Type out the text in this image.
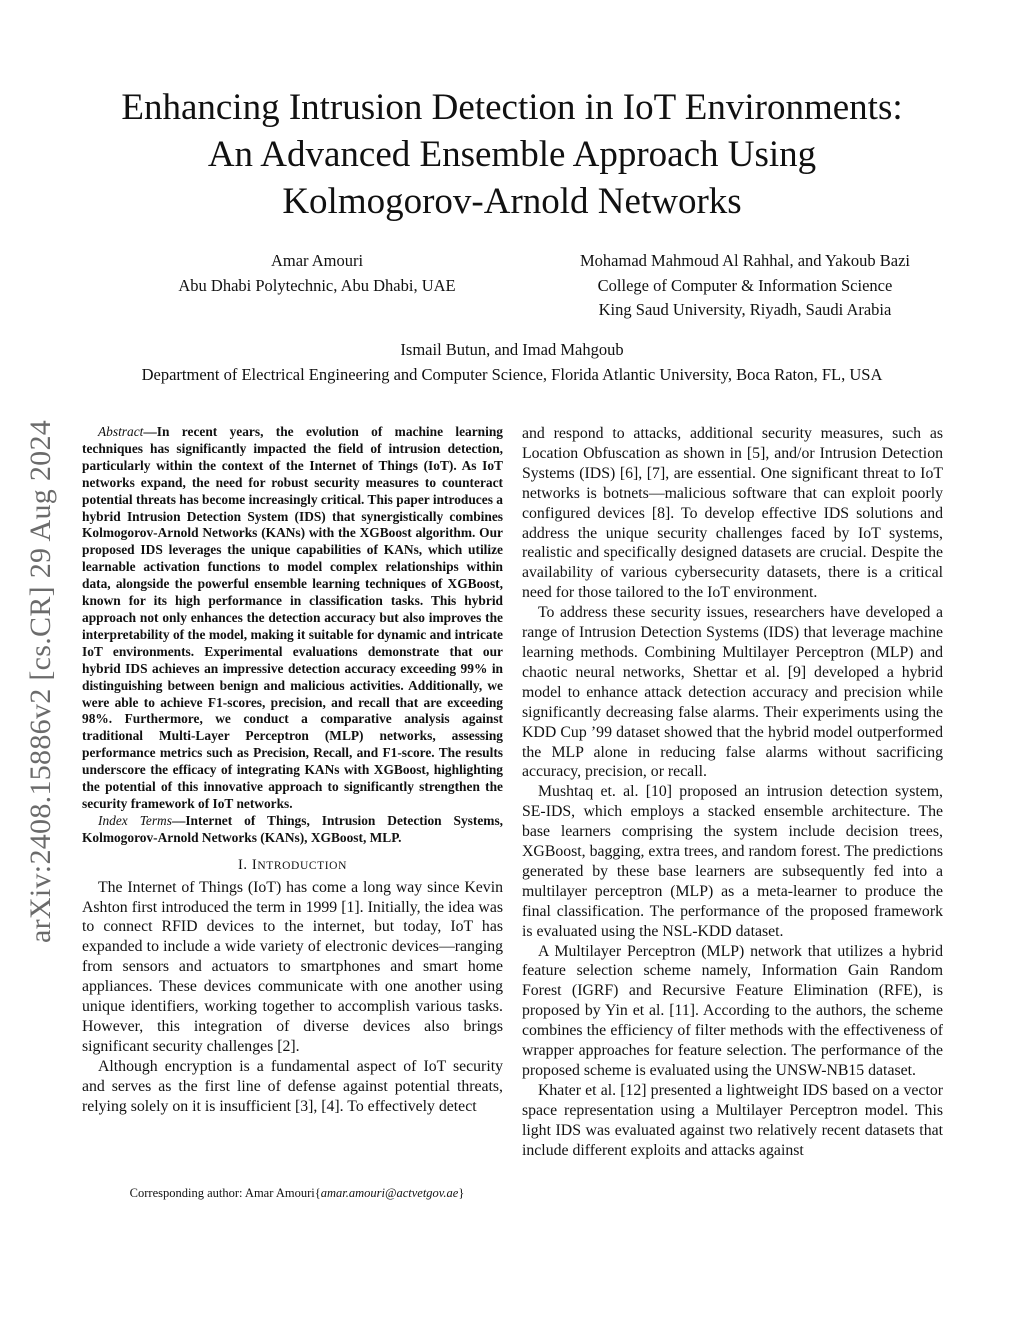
arXiv:2408.15886v2 [cs.CR] 29 Aug 2024
Enhancing Intrusion Detection in IoT Environments:
An Advanced Ensemble Approach Using
Kolmogorov-Arnold Networks
Amar Amouri
Abu Dhabi Polytechnic, Abu Dhabi, UAE
Mohamad Mahmoud Al Rahhal, and Yakoub Bazi
College of Computer & Information Science
King Saud University, Riyadh, Saudi Arabia
Ismail Butun, and Imad Mahgoub
Department of Electrical Engineering and Computer Science, Florida Atlantic University, Boca Raton, FL, USA

Abstract—In recent years, the evolution of machine learning techniques has significantly impacted the field of intrusion detection, particularly within the context of the Internet of Things (IoT). As IoT networks expand, the need for robust security measures to counteract potential threats has become increasingly critical. This paper introduces a hybrid Intrusion Detection System (IDS) that synergistically combines Kolmogorov-Arnold Networks (KANs) with the XGBoost algorithm. Our proposed IDS leverages the unique capabilities of KANs, which utilize learnable activation functions to model complex relationships within data, alongside the powerful ensemble learning techniques of XGBoost, known for its high performance in classification tasks. This hybrid approach not only enhances the detection accuracy but also improves the interpretability of the model, making it suitable for dynamic and intricate IoT environments. Experimental evaluations demonstrate that our hybrid IDS achieves an impressive detection accuracy exceeding 99% in distinguishing between benign and malicious activities. Additionally, we were able to achieve F1-scores, precision, and recall that are exceeding 98%. Furthermore, we conduct a comparative analysis against traditional Multi-Layer Perceptron (MLP) networks, assessing performance metrics such as Precision, Recall, and F1-score. The results underscore the efficacy of integrating KANs with XGBoost, highlighting the potential of this innovative approach to significantly strengthen the security framework of IoT networks.

Index Terms—Internet of Things, Intrusion Detection Systems, Kolmogorov-Arnold Networks (KANs), XGBoost, MLP.

I. INTRODUCTION

The Internet of Things (IoT) has come a long way since Kevin Ashton first introduced the term in 1999 [1]. Initially, the idea was to connect RFID devices to the internet, but today, IoT has expanded to include a wide variety of electronic devices—ranging from sensors and actuators to smartphones and smart home appliances. These devices communicate with one another using unique identifiers, working together to accomplish various tasks. However, this integration of diverse devices also brings significant security challenges [2].

Although encryption is a fundamental aspect of IoT security and serves as the first line of defense against potential threats, relying solely on it is insufficient [3], [4]. To effectively detect

Corresponding author: Amar Amouri{amar.amouri@actvetgov.ae}

and respond to attacks, additional security measures, such as Location Obfuscation as shown in [5], and/or Intrusion Detection Systems (IDS) [6], [7], are essential. One significant threat to IoT networks is botnets—malicious software that can exploit poorly configured devices [8]. To develop effective IDS solutions and address the unique security challenges faced by IoT systems, realistic and specifically designed datasets are crucial. Despite the availability of various cybersecurity datasets, there is a critical need for those tailored to the IoT environment.

To address these security issues, researchers have developed a range of Intrusion Detection Systems (IDS) that leverage machine learning methods. Combining Multilayer Perceptron (MLP) and chaotic neural networks, Shettar et al. [9] developed a hybrid model to enhance attack detection accuracy and precision while significantly decreasing false alarms. Their experiments using the KDD Cup ’99 dataset showed that the hybrid model outperformed the MLP alone in reducing false alarms without sacrificing accuracy, precision, or recall.

Mushtaq et. al. [10] proposed an intrusion detection system, SE-IDS, which employs a stacked ensemble architecture. The base learners comprising the system include decision trees, XGBoost, bagging, extra trees, and random forest. The predictions generated by these base learners are subsequently fed into a multilayer perceptron (MLP) as a meta-learner to produce the final classification. The performance of the proposed framework is evaluated using the NSL-KDD dataset.

A Multilayer Perceptron (MLP) network that utilizes a hybrid feature selection scheme namely, Information Gain Random Forest (IGRF) and Recursive Feature Elimination (RFE), is proposed by Yin et al. [11]. According to the authors, the scheme combines the efficiency of filter methods with the effectiveness of wrapper approaches for feature selection. The performance of the proposed scheme is evaluated using the UNSW-NB15 dataset.

Khater et al. [12] presented a lightweight IDS based on a vector space representation using a Multilayer Perceptron model. This light IDS was evaluated against two relatively recent datasets that include different exploits and attacks against
